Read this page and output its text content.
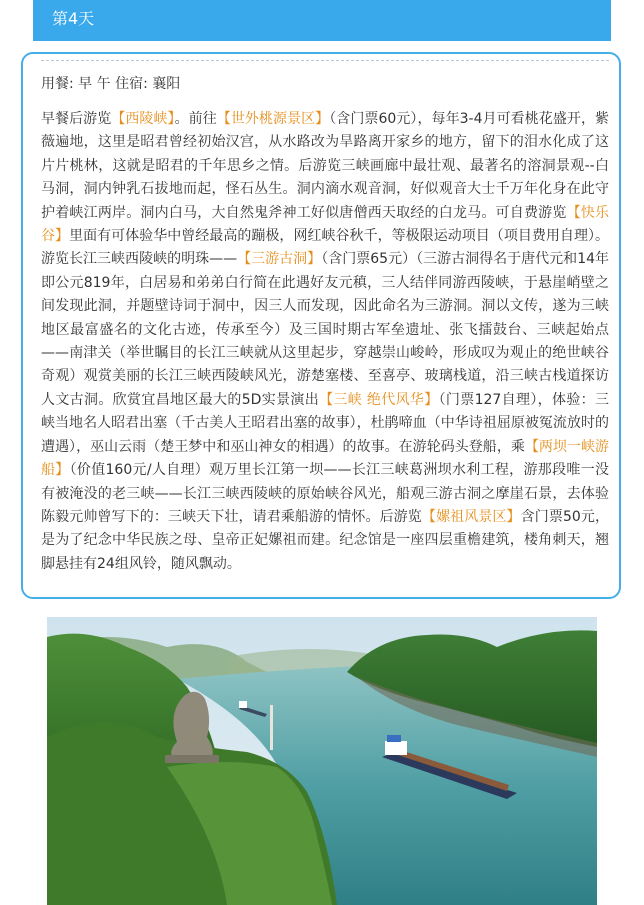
第4天
用餐: 早 午 住宿: 襄阳

早餐后游览【西陵峡】。前往【世外桃源景区】（含门票60元），每年3-4月可看桃花盛开，紫薇遍地，这里是昭君曾经初始汉宫，从水路改为旱路离开家乡的地方，留下的泪水化成了这片片桃林，这就是昭君的千年思乡之情。后游览三峡画廊中最壮观、最著名的溶洞景观--白马洞，洞内钟乳石拔地而起，怪石丛生。洞内滴水观音洞，好似观音大士千万年化身在此守护着峡江两岸。洞内白马，大自然鬼斧神工好似唐僧西天取经的白龙马。可自费游览【快乐谷】里面有可体验华中曾经最高的蹦极，网红峡谷秋千，等极限运动项目（项目费用自理）。游览长江三峡西陵峡的明珠——【三游古洞】（含门票65元）（三游古洞得名于唐代元和14年即公元819年，白居易和弟弟白行简在此遇好友元稹，三人结伴同游西陵峡，于悬崖峭壁之间发现此洞，并题壁诗词于洞中，因三人而发现，因此命名为三游洞。洞以文传，遂为三峡地区最富盛名的文化古迹，传承至今）及三国时期古军垒遗址、张飞擂鼓台、三峡起始点——南津关（举世瞩目的长江三峡就从这里起步，穿越崇山峻岭，形成叹为观止的绝世峡谷奇观）观赏美丽的长江三峡西陵峡风光，游楚塞楼、至喜亭、玻璃栈道，沿三峡古栈道探访人文古洞。欣赏宜昌地区最大的5D实景演出【三峡 绝代风华】（门票127自理），体验：三峡当地名人昭君出塞（千古美人王昭君出塞的故事），杜鹃啼血（中华诗祖屈原被冤流放时的遭遇），巫山云雨（楚王梦中和巫山神女的相遇）的故事。在游轮码头登船，乘【两坝一峡游船】（价值160元/人自理）观万里长江第一坝——长江三峡葛洲坝水利工程，游那段唯一没有被淹没的老三峡——长江三峡西陵峡的原始峡谷风光，船观三游古洞之摩崖石景，去体验陈毅元帅曾写下的：三峡天下壮，请君乘船游的情怀。后游览【嫘祖风景区】含门票50元，是为了纪念中华民族之母、皇帝正妃嫘祖而建。纪念馆是一座四层重檐建筑，楼角刺天，翘脚悬挂有24组风铃，随风飘动。
